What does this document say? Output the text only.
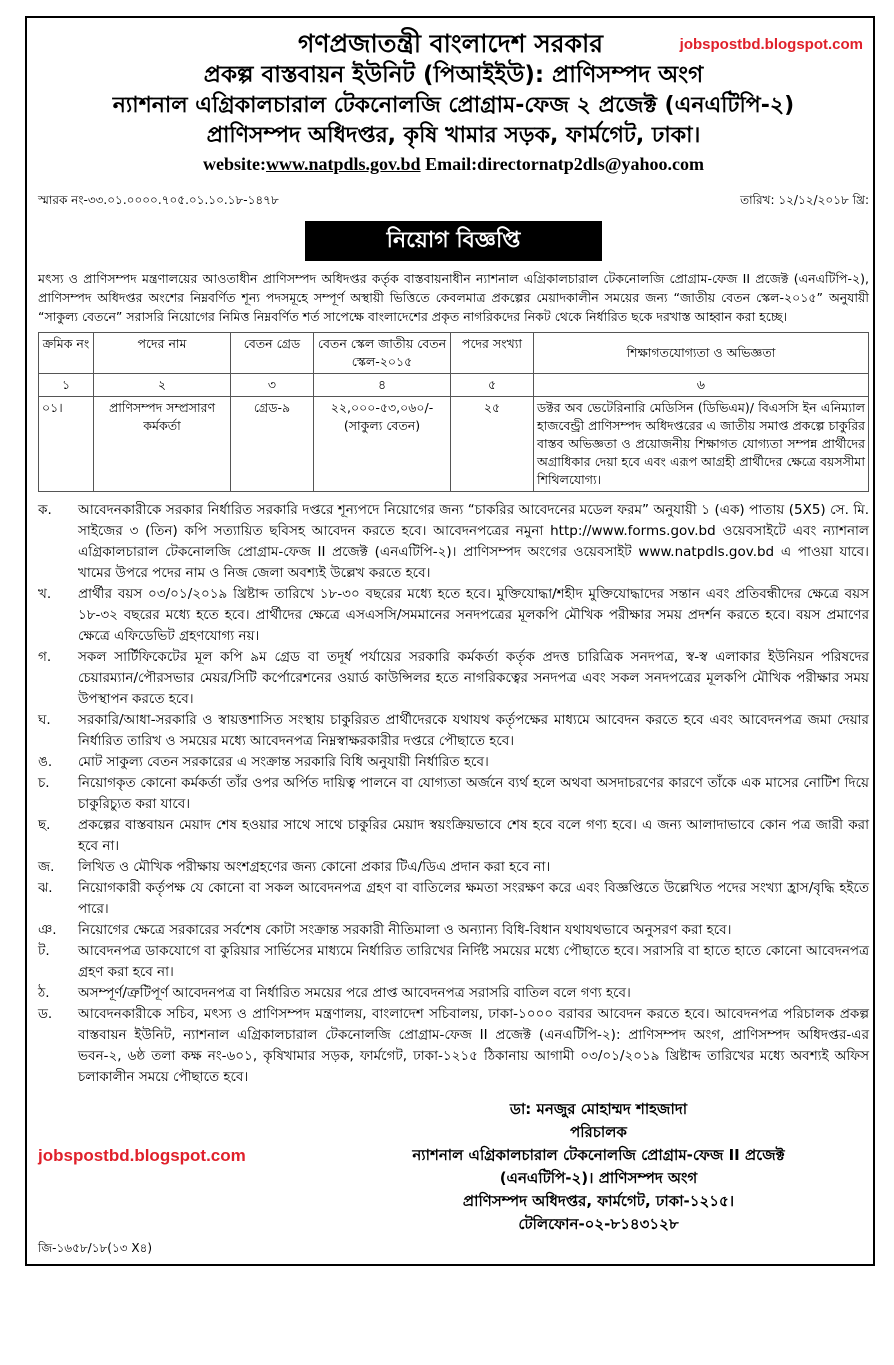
গণপ্রজাতন্ত্রী বাংলাদেশ সরকার	jobspostbd.blogspot.com
প্রকল্প বাস্তবায়ন ইউনিট (পিআইইউ): প্রাণিসম্পদ অংগ
ন্যাশনাল এগ্রিকালচারাল টেকনোলজি প্রোগ্রাম-ফেজ ২ প্রজেক্ট (এনএটিপি-২)
প্রাণিসম্পদ অধিদপ্তর, কৃষি খামার সড়ক, ফার্মগেট, ঢাকা।
website:www.natpdls.gov.bd Email:directornatp2dls@yahoo.com
স্মারক নং-৩৩.০১.০০০০.৭০৫.০১.১০.১৮-১৪৭৮	তারিখ: ১২/১২/২০১৮ খ্রি:
নিয়োগ বিজ্ঞপ্তি
মৎস্য ও প্রাণিসম্পদ মন্ত্রণালয়ের আওতাধীন প্রাণিসম্পদ অধিদপ্তর কর্তৃক বাস্তবায়নাধীন ন্যাশনাল এগ্রিকালচারাল টেকনোলজি প্রোগ্রাম-ফেজ II প্রজেক্ট (এনএটিপি-২), প্রাণিসম্পদ অধিদপ্তর অংশের নিম্নবর্ণিত শূন্য পদসমূহে সম্পূর্ণ অস্থায়ী ভিত্তিতে কেবলমাত্র প্রকল্পের মেয়াদকালীন সময়ের জন্য “জাতীয় বেতন স্কেল-২০১৫” অনুযায়ী “সাকুল্য বেতনে” সরাসরি নিয়োগের নিমিত্ত নিম্নবর্ণিত শর্ত সাপেক্ষে বাংলাদেশের প্রকৃত নাগরিকদের নিকট থেকে নির্ধারিত ছকে দরখাস্ত আহ্বান করা হচ্ছে।
ক্রমিক নং	পদের নাম	বেতন গ্রেড	বেতন স্কেল জাতীয় বেতন স্কেল-২০১৫	পদের সংখ্যা	শিক্ষাগতযোগ্যতা ও অভিজ্ঞতা
১	২	৩	৪	৫	৬
০১।	প্রাণিসম্পদ সম্প্রসারণ কর্মকর্তা	গ্রেড-৯	২২,০০০-৫৩,০৬০/- (সাকুল্য বেতন)	২৫	ডক্টর অব ভেটেরিনারি মেডিসিন (ডিভিএম)/ বিএসসি ইন এনিম্যাল হাজবেন্ড্রী প্রাণিসম্পদ অধিদপ্তরের এ জাতীয় সমাপ্ত প্রকল্পে চাকুরির বাস্তব অভিজ্ঞতা ও প্রয়োজনীয় শিক্ষাগত যোগ্যতা সম্পন্ন প্রার্থীদের অগ্রাধিকার দেয়া হবে এবং এরূপ আগ্রহী প্রার্থীদের ক্ষেত্রে বয়সসীমা শিথিলযোগ্য।
ক.	আবেদনকারীকে সরকার নির্ধারিত সরকারি দপ্তরে শূন্যপদে নিয়োগের জন্য “চাকরির আবেদনের মডেল ফরম” অনুযায়ী ১ (এক) পাতায় (5X5) সে. মি. সাইজের ৩ (তিন) কপি সত্যায়িত ছবিসহ আবেদন করতে হবে। আবেদনপত্রের নমুনা http://www.forms.gov.bd ওয়েবসাইটে এবং ন্যাশনাল এগ্রিকালচারাল টেকনোলজি প্রোগ্রাম-ফেজ II প্রজেক্ট (এনএটিপি-২)। প্রাণিসম্পদ অংগের ওয়েবসাইট www.natpdls.gov.bd এ পাওয়া যাবে। খামের উপরে পদের নাম ও নিজ জেলা অবশ্যই উল্লেখ করতে হবে।
খ.	প্রার্থীর বয়স ০৩/০১/২০১৯ খ্রিষ্টাব্দ তারিখে ১৮-৩০ বছরের মধ্যে হতে হবে। মুক্তিযোদ্ধা/শহীদ মুক্তিযোদ্ধাদের সন্তান এবং প্রতিবন্ধীদের ক্ষেত্রে বয়স ১৮-৩২ বছরের মধ্যে হতে হবে। প্রার্থীদের ক্ষেত্রে এসএসসি/সমমানের সনদপত্রের মূলকপি মৌখিক পরীক্ষার সময় প্রদর্শন করতে হবে। বয়স প্রমাণের ক্ষেত্রে এফিডেভিট গ্রহণযোগ্য নয়।
গ.	সকল সার্টিফিকেটের মূল কপি ৯ম গ্রেড বা তদূর্ধ পর্যায়ের সরকারি কর্মকর্তা কর্তৃক প্রদত্ত চারিত্রিক সনদপত্র, স্ব-স্ব এলাকার ইউনিয়ন পরিষদের চেয়ারম্যান/পৌরসভার মেয়র/সিটি কর্পোরেশনের ওয়ার্ড কাউন্সিলর হতে নাগরিকত্বের সনদপত্র এবং সকল সনদপত্রের মূলকপি মৌখিক পরীক্ষার সময় উপস্থাপন করতে হবে।
ঘ.	সরকারি/আধা-সরকারি ও স্বায়ত্তশাসিত সংস্থায় চাকুরিরত প্রার্থীদেরকে যথাযথ কর্তৃপক্ষের মাধ্যমে আবেদন করতে হবে এবং আবেদনপত্র জমা দেয়ার নির্ধারিত তারিখ ও সময়ের মধ্যে আবেদনপত্র নিম্নস্বাক্ষরকারীর দপ্তরে পৌছাতে হবে।
ঙ.	মোট সাকুল্য বেতন সরকারের এ সংক্রান্ত সরকারি বিধি অনুযায়ী নির্ধারিত হবে।
চ.	নিয়োগকৃত কোনো কর্মকর্তা তাঁর ওপর অর্পিত দায়িত্ব পালনে বা যোগ্যতা অর্জনে ব্যর্থ হলে অথবা অসদাচরণের কারণে তাঁকে এক মাসের নোটিশ দিয়ে চাকুরিচ্যুত করা যাবে।
ছ.	প্রকল্পের বাস্তবায়ন মেয়াদ শেষ হওয়ার সাথে সাথে চাকুরির মেয়াদ স্বয়ংক্রিয়ভাবে শেষ হবে বলে গণ্য হবে। এ জন্য আলাদাভাবে কোন পত্র জারী করা হবে না।
জ.	লিখিত ও মৌখিক পরীক্ষায় অংশগ্রহণের জন্য কোনো প্রকার টিএ/ডিএ প্রদান করা হবে না।
ঝ.	নিয়োগকারী কর্তৃপক্ষ যে কোনো বা সকল আবেদনপত্র গ্রহণ বা বাতিলের ক্ষমতা সংরক্ষণ করে এবং বিজ্ঞপ্তিতে উল্লেখিত পদের সংখ্যা হ্রাস/বৃদ্ধি হইতে পারে।
ঞ.	নিয়োগের ক্ষেত্রে সরকারের সর্বশেষ কোটা সংক্রান্ত সরকারী নীতিমালা ও অন্যান্য বিধি-বিধান যথাযথভাবে অনুসরণ করা হবে।
ট.	আবেদনপত্র ডাকযোগে বা কুরিয়ার সার্ভিসের মাধ্যমে নির্ধারিত তারিখের নির্দিষ্ট সময়ের মধ্যে পৌছাতে হবে। সরাসরি বা হাতে হাতে কোনো আবেদনপত্র গ্রহণ করা হবে না।
ঠ.	অসম্পূর্ণ/ত্রুটিপূর্ণ আবেদনপত্র বা নির্ধারিত সময়ের পরে প্রাপ্ত আবেদনপত্র সরাসরি বাতিল বলে গণ্য হবে।
ড.	আবেদনকারীকে সচিব, মৎস্য ও প্রাণিসম্পদ মন্ত্রণালয়, বাংলাদেশ সচিবালয়, ঢাকা-১০০০ বরাবর আবেদন করতে হবে। আবেদনপত্র পরিচালক প্রকল্প বাস্তবায়ন ইউনিট, ন্যাশনাল এগ্রিকালচারাল টেকনোলজি প্রোগ্রাম-ফেজ II প্রজেক্ট (এনএটিপি-২): প্রাণিসম্পদ অংগ, প্রাণিসম্পদ অধিদপ্তর-এর ভবন-২, ৬ষ্ঠ তলা কক্ষ নং-৬০১, কৃষিখামার সড়ক, ফার্মগেট, ঢাকা-১২১৫ ঠিকানায় আগামী ০৩/০১/২০১৯ খ্রিষ্টাব্দ তারিখের মধ্যে অবশ্যই অফিস চলাকালীন সময়ে পৌছাতে হবে।
jobspostbd.blogspot.com
ডা: মনজুর মোহাম্মদ শাহজাদা
পরিচালক
ন্যাশনাল এগ্রিকালচারাল টেকনোলজি প্রোগ্রাম-ফেজ II প্রজেক্ট
(এনএটিপি-২)। প্রাণিসম্পদ অংগ
প্রাণিসম্পদ অধিদপ্তর, ফার্মগেট, ঢাকা-১২১৫।
টেলিফোন-০২-৮১৪৩১২৮
জি-১৬৫৮/১৮(১৩ X৪)
